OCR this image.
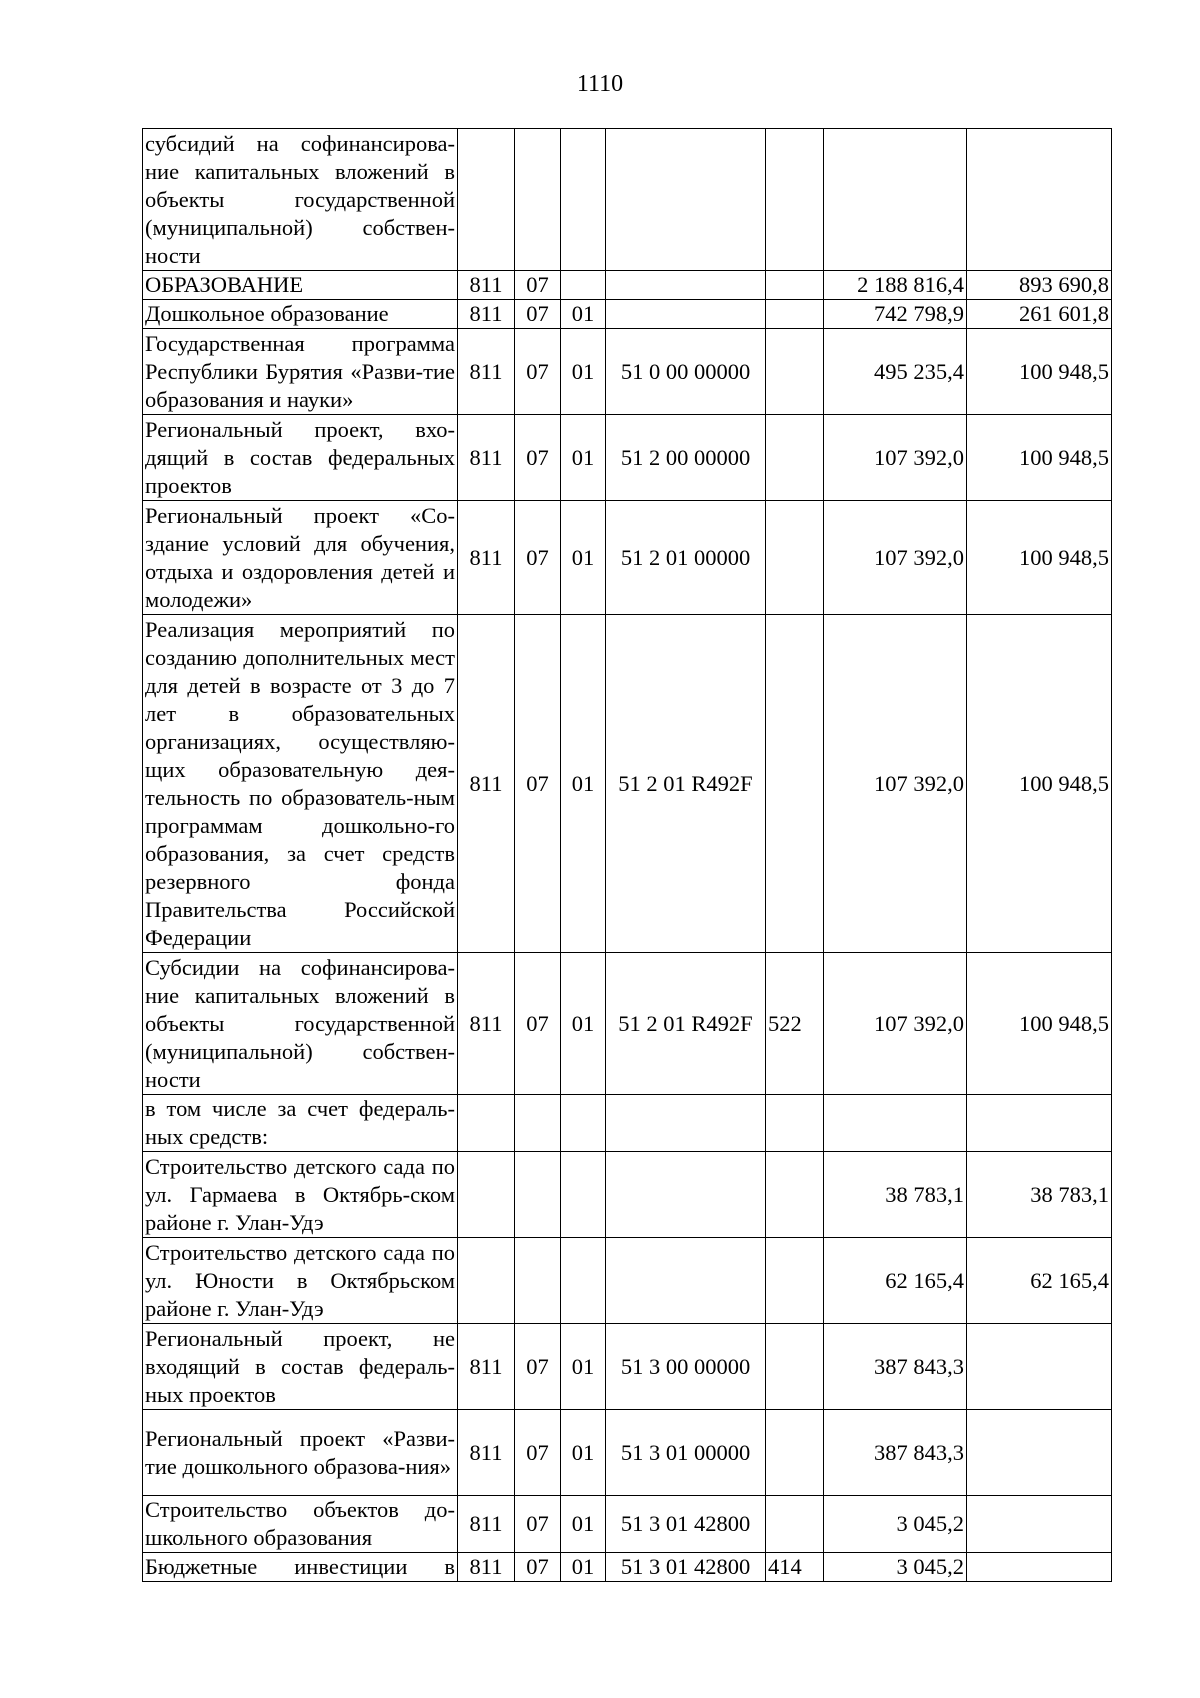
1110
субсидий на софинансирова-ние капитальных вложений в объекты государственной (муниципальной) собствен-ности							
ОБРАЗОВАНИЕ	811	07				2 188 816,4	893 690,8
Дошкольное образование	811	07	01			742 798,9	261 601,8
Государственная программа Республики Бурятия «Разви-тие образования и науки»	811	07	01	51 0 00 00000		495 235,4	100 948,5
Региональный проект, вхо-дящий в состав федеральных проектов	811	07	01	51 2 00 00000		107 392,0	100 948,5
Региональный проект «Со-здание условий для обучения, отдыха и оздоровления детей и молодежи»	811	07	01	51 2 01 00000		107 392,0	100 948,5
Реализация мероприятий по созданию дополнительных мест для детей в возрасте от 3 до 7 лет в образовательных организациях, осуществляю-щих образовательную дея-тельность по образователь-ным программам дошкольно-го образования, за счет средств резервного фонда Правительства Российской Федерации	811	07	01	51 2 01 R492F		107 392,0	100 948,5
Субсидии на софинансирова-ние капитальных вложений в объекты государственной (муниципальной) собствен-ности	811	07	01	51 2 01 R492F	522	107 392,0	100 948,5
в том числе за счет федераль-ных средств:							
Строительство детского сада по ул. Гармаева в Октябрь-ском районе г. Улан-Удэ						38 783,1	38 783,1
Строительство детского сада по ул. Юности в Октябрьском районе г. Улан-Удэ						62 165,4	62 165,4
Региональный проект, не входящий в состав федераль-ных проектов	811	07	01	51 3 00 00000		387 843,3	
Региональный проект «Разви-тие дошкольного образова-ния»	811	07	01	51 3 01 00000		387 843,3	
Строительство объектов до-школьного образования	811	07	01	51 3 01 42800		3 045,2	
Бюджетные инвестиции в	811	07	01	51 3 01 42800	414	3 045,2	
